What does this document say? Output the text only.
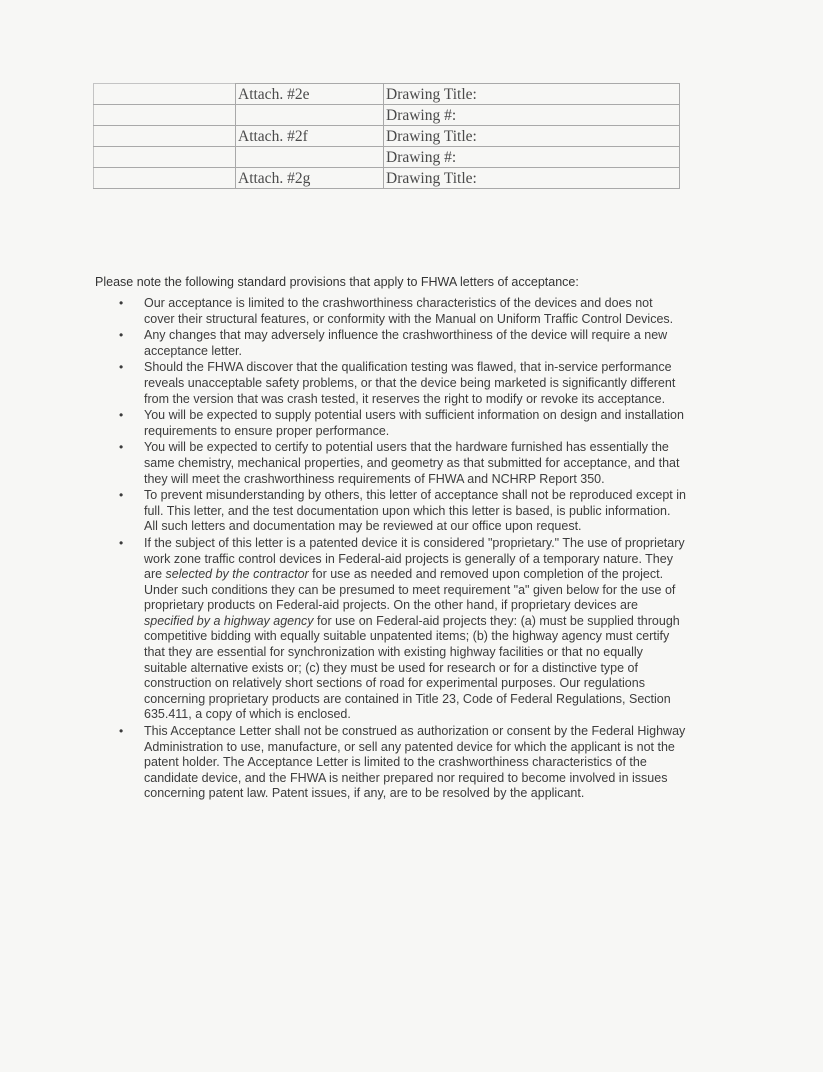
	Attach. #2e	Drawing Title:
		Drawing #:
	Attach. #2f	Drawing Title:
		Drawing #:
	Attach. #2g	Drawing Title:

Please note the following standard provisions that apply to FHWA letters of acceptance:

• Our acceptance is limited to the crashworthiness characteristics of the devices and does not cover their structural features, or conformity with the Manual on Uniform Traffic Control Devices.
• Any changes that may adversely influence the crashworthiness of the device will require a new acceptance letter.
• Should the FHWA discover that the qualification testing was flawed, that in-service performance reveals unacceptable safety problems, or that the device being marketed is significantly different from the version that was crash tested, it reserves the right to modify or revoke its acceptance.
• You will be expected to supply potential users with sufficient information on design and installation requirements to ensure proper performance.
• You will be expected to certify to potential users that the hardware furnished has essentially the same chemistry, mechanical properties, and geometry as that submitted for acceptance, and that they will meet the crashworthiness requirements of FHWA and NCHRP Report 350.
• To prevent misunderstanding by others, this letter of acceptance shall not be reproduced except in full. This letter, and the test documentation upon which this letter is based, is public information. All such letters and documentation may be reviewed at our office upon request.
• If the subject of this letter is a patented device it is considered "proprietary." The use of proprietary work zone traffic control devices in Federal-aid projects is generally of a temporary nature. They are selected by the contractor for use as needed and removed upon completion of the project. Under such conditions they can be presumed to meet requirement "a" given below for the use of proprietary products on Federal-aid projects. On the other hand, if proprietary devices are specified by a highway agency for use on Federal-aid projects they: (a) must be supplied through competitive bidding with equally suitable unpatented items; (b) the highway agency must certify that they are essential for synchronization with existing highway facilities or that no equally suitable alternative exists or; (c) they must be used for research or for a distinctive type of construction on relatively short sections of road for experimental purposes. Our regulations concerning proprietary products are contained in Title 23, Code of Federal Regulations, Section 635.411, a copy of which is enclosed.
• This Acceptance Letter shall not be construed as authorization or consent by the Federal Highway Administration to use, manufacture, or sell any patented device for which the applicant is not the patent holder. The Acceptance Letter is limited to the crashworthiness characteristics of the candidate device, and the FHWA is neither prepared nor required to become involved in issues concerning patent law. Patent issues, if any, are to be resolved by the applicant.
